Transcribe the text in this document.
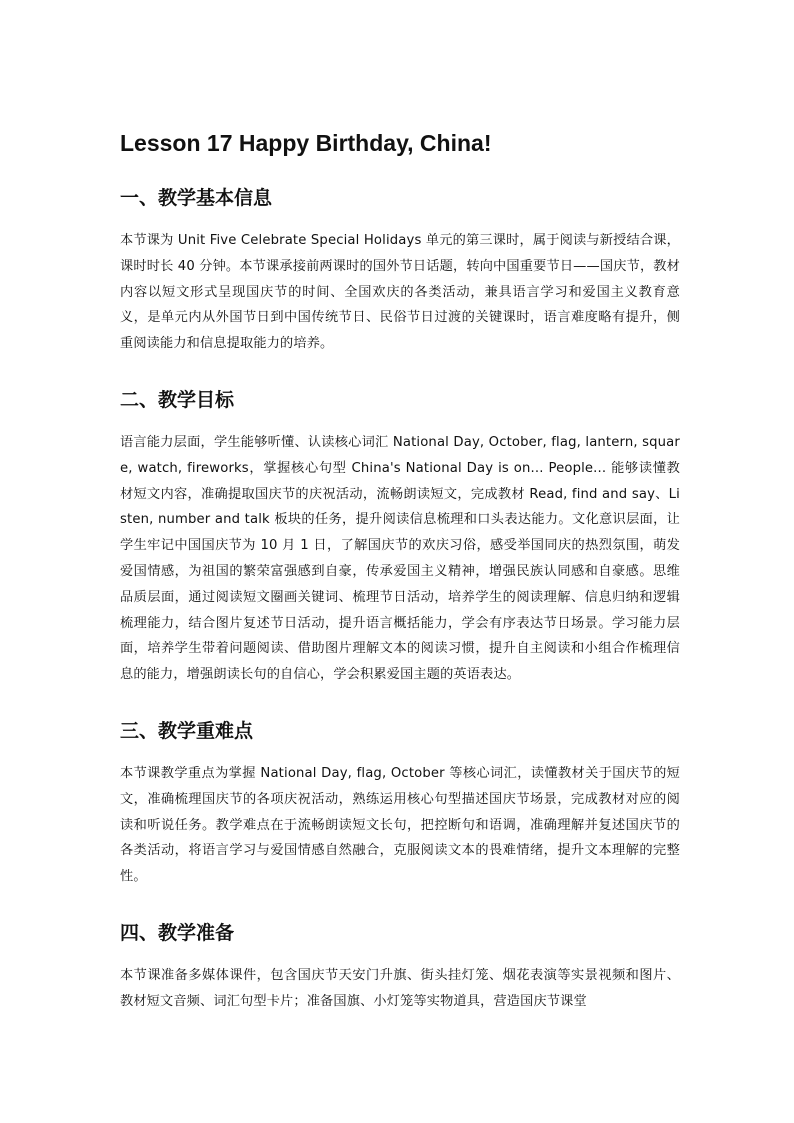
Lesson 17 Happy Birthday, China!
一、教学基本信息

本节课为 Unit Five Celebrate Special Holidays 单元的第三课时，属于阅读与新授结合课，课时时长 40 分钟。本节课承接前两课时的国外节日话题，转向中国重要节日——国庆节，教材内容以短文形式呈现国庆节的时间、全国欢庆的各类活动，兼具语言学习和爱国主义教育意义，是单元内从外国节日到中国传统节日、民俗节日过渡的关键课时，语言难度略有提升，侧重阅读能力和信息提取能力的培养。

二、教学目标

语言能力层面，学生能够听懂、认读核心词汇 National Day, October, flag, lantern, square, watch, fireworks，掌握核心句型 China's National Day is on... People... 能够读懂教材短文内容，准确提取国庆节的庆祝活动，流畅朗读短文，完成教材 Read, find and say、Listen, number and talk 板块的任务，提升阅读信息梳理和口头表达能力。文化意识层面，让学生牢记中国国庆节为 10 月 1 日，了解国庆节的欢庆习俗，感受举国同庆的热烈氛围，萌发爱国情感，为祖国的繁荣富强感到自豪，传承爱国主义精神，增强民族认同感和自豪感。思维品质层面，通过阅读短文圈画关键词、梳理节日活动，培养学生的阅读理解、信息归纳和逻辑梳理能力，结合图片复述节日活动，提升语言概括能力，学会有序表达节日场景。学习能力层面，培养学生带着问题阅读、借助图片理解文本的阅读习惯，提升自主阅读和小组合作梳理信息的能力，增强朗读长句的自信心，学会积累爱国主题的英语表达。

三、教学重难点

本节课教学重点为掌握 National Day, flag, October 等核心词汇，读懂教材关于国庆节的短文，准确梳理国庆节的各项庆祝活动，熟练运用核心句型描述国庆节场景，完成教材对应的阅读和听说任务。教学难点在于流畅朗读短文长句，把控断句和语调，准确理解并复述国庆节的各类活动，将语言学习与爱国情感自然融合，克服阅读文本的畏难情绪，提升文本理解的完整性。

四、教学准备

本节课准备多媒体课件，包含国庆节天安门升旗、街头挂灯笼、烟花表演等实景视频和图片、教材短文音频、词汇句型卡片；准备国旗、小灯笼等实物道具，营造国庆节课堂
